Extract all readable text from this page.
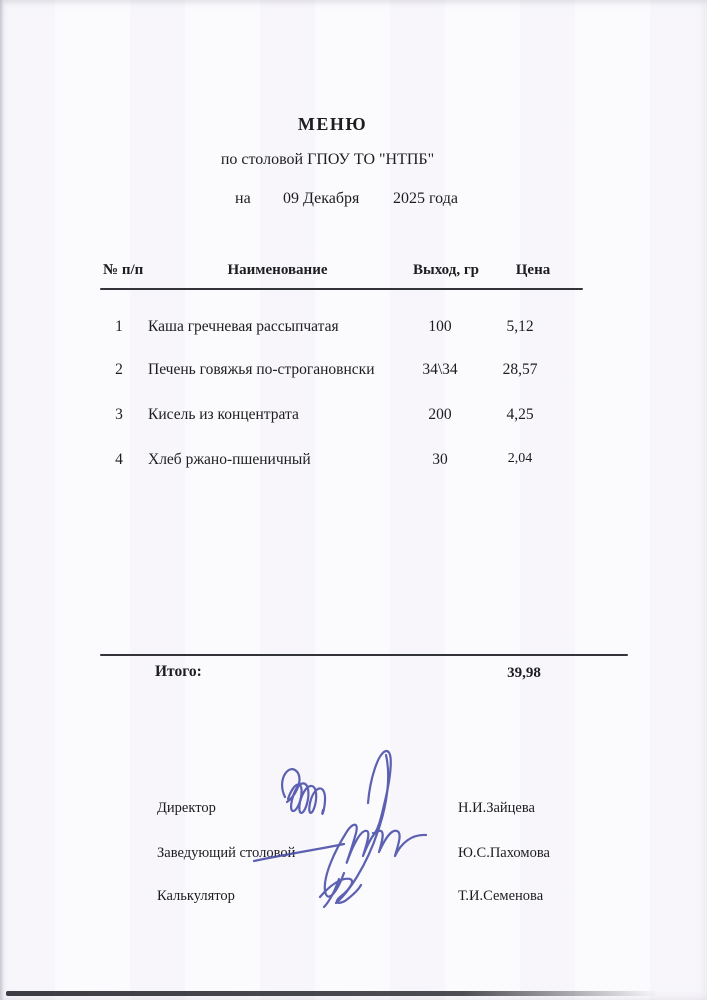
МЕНЮ
по столовой ГПОУ ТО "НТПБ"
на 09 Декабря 2025 года
№ п/п	Наименование	Выход, гр	Цена
1	Каша гречневая рассыпчатая	100	5,12
2	Печень говяжья по-строгановнски	34\34	28,57
3	Кисель из концентрата	200	4,25
4	Хлеб ржано-пшеничный	30	2,04
Итого:	39,98
Директор	Н.И.Зайцева
Заведующий столовой	Ю.С.Пахомова
Калькулятор	Т.И.Семенова
